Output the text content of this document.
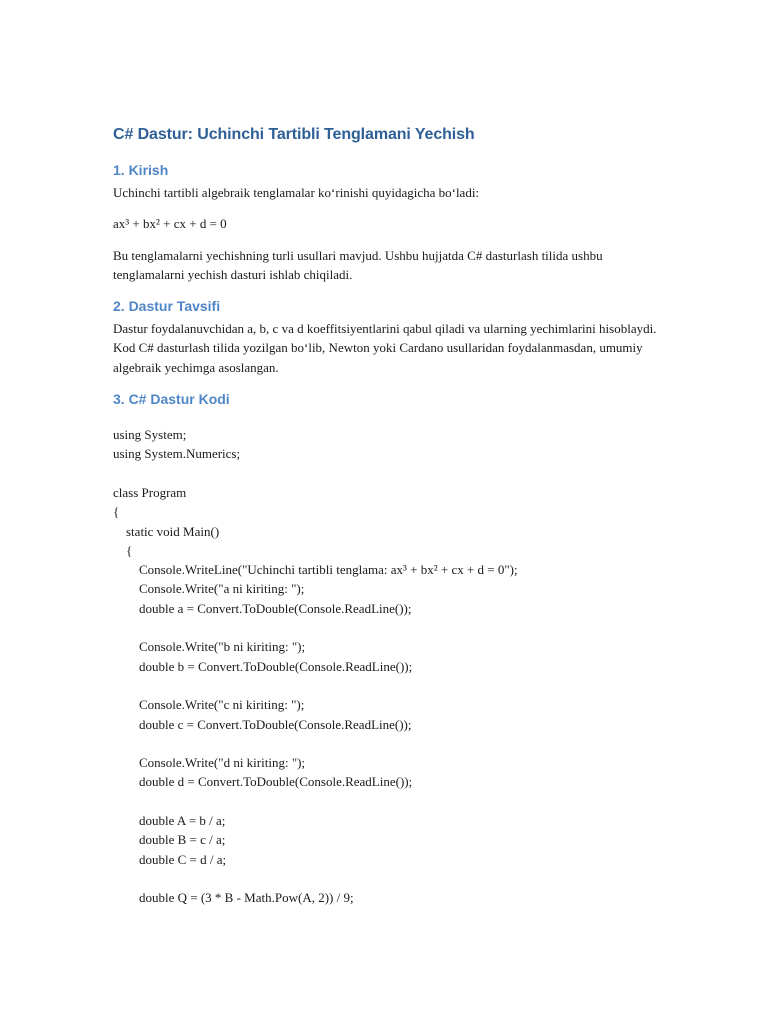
C# Dastur: Uchinchi Tartibli Tenglamani Yechish
1. Kirish

Uchinchi tartibli algebraik tenglamalar ko‘rinishi quyidagicha bo‘ladi:

ax³ + bx² + cx + d = 0

Bu tenglamalarni yechishning turli usullari mavjud. Ushbu hujjatda C# dasturlash tilida ushbu tenglamalarni yechish dasturi ishlab chiqiladi.

2. Dastur Tavsifi

Dastur foydalanuvchidan a, b, c va d koeffitsiyentlarini qabul qiladi va ularning yechimlarini hisoblaydi. Kod C# dasturlash tilida yozilgan bo‘lib, Newton yoki Cardano usullaridan foydalanmasdan, umumiy algebraik yechimga asoslangan.

3. C# Dastur Kodi
using System;
using System.Numerics;

class Program
{
static void Main()
{
Console.WriteLine("Uchinchi tartibli tenglama: ax³ + bx² + cx + d = 0");
Console.Write("a ni kiriting: ");
double a = Convert.ToDouble(Console.ReadLine());

Console.Write("b ni kiriting: ");
double b = Convert.ToDouble(Console.ReadLine());

Console.Write("c ni kiriting: ");
double c = Convert.ToDouble(Console.ReadLine());

Console.Write("d ni kiriting: ");
double d = Convert.ToDouble(Console.ReadLine());

double A = b / a;
double B = c / a;
double C = d / a;

double Q = (3 * B - Math.Pow(A, 2)) / 9;
